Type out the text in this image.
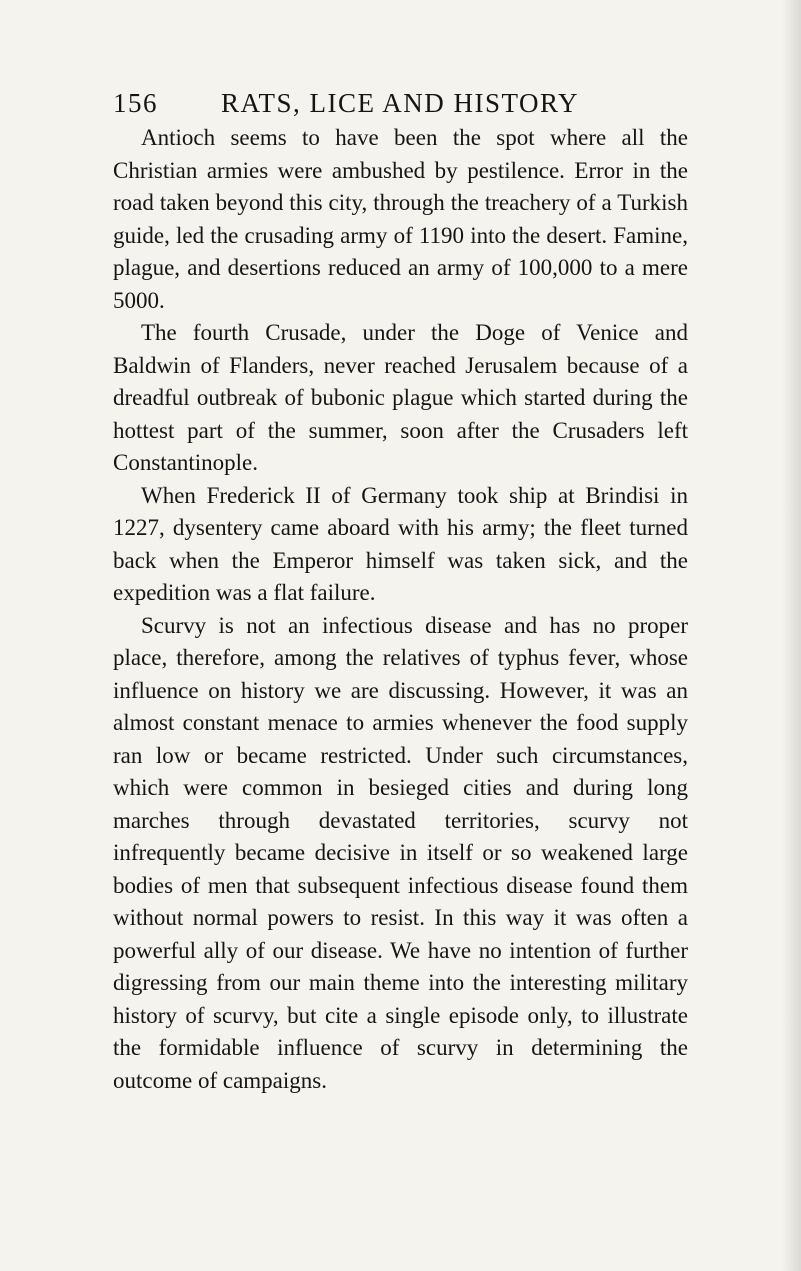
156 RATS, LICE AND HISTORY

Antioch seems to have been the spot where all the Christian armies were ambushed by pestilence. Error in the road taken beyond this city, through the treachery of a Turkish guide, led the crusading army of 1190 into the desert. Famine, plague, and desertions reduced an army of 100,000 to a mere 5000.

The fourth Crusade, under the Doge of Venice and Baldwin of Flanders, never reached Jerusalem because of a dreadful outbreak of bubonic plague which started during the hottest part of the summer, soon after the Crusaders left Constantinople.

When Frederick II of Germany took ship at Brindisi in 1227, dysentery came aboard with his army; the fleet turned back when the Emperor himself was taken sick, and the expedition was a flat failure.

Scurvy is not an infectious disease and has no proper place, therefore, among the relatives of typhus fever, whose influence on history we are discussing. However, it was an almost constant menace to armies whenever the food supply ran low or became restricted. Under such circumstances, which were common in besieged cities and during long marches through devastated territories, scurvy not infrequently became decisive in itself or so weakened large bodies of men that subsequent infectious disease found them without normal powers to resist. In this way it was often a powerful ally of our disease. We have no intention of further digressing from our main theme into the interesting military history of scurvy, but cite a single episode only, to illustrate the formidable influence of scurvy in determining the outcome of campaigns.
